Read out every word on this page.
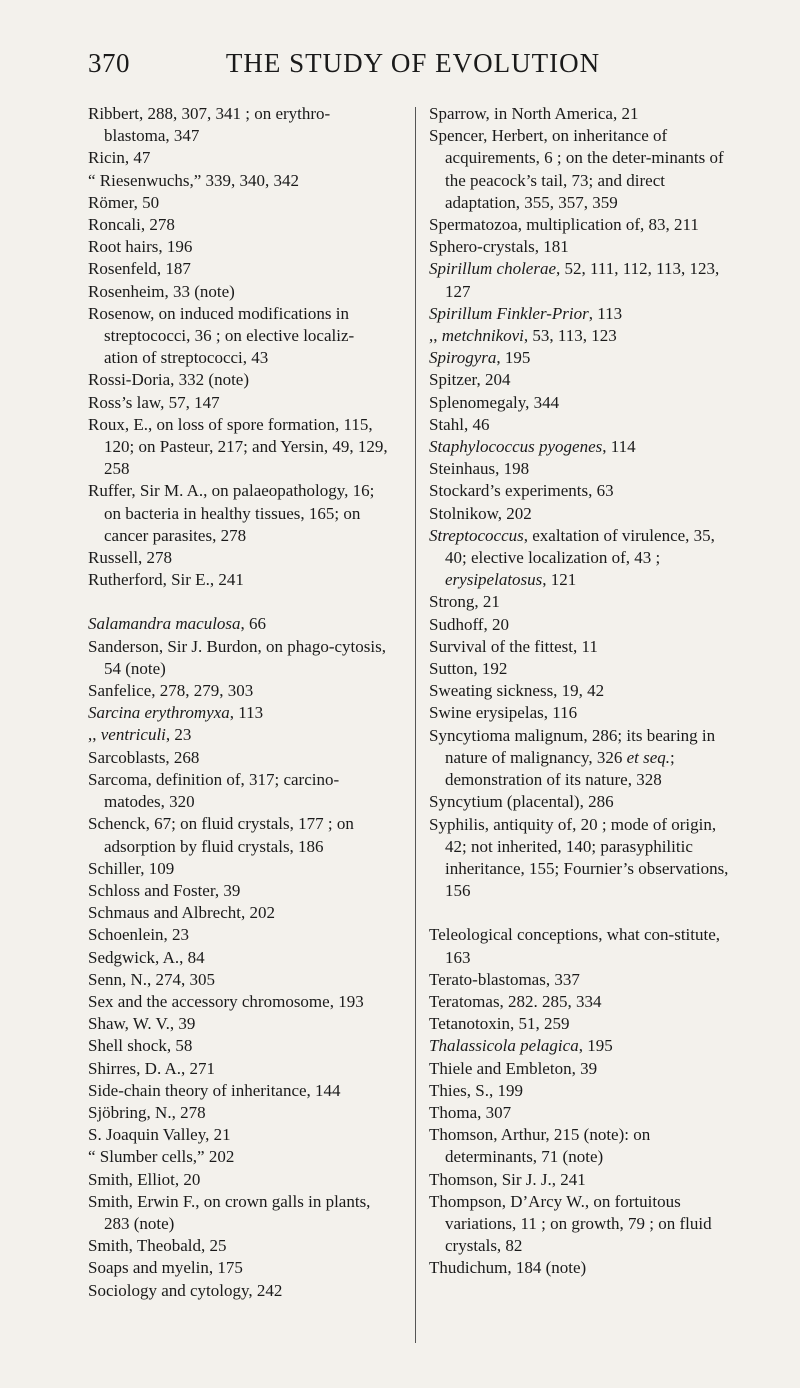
370	THE STUDY OF EVOLUTION

Ribbert, 288, 307, 341 ; on erythro-blastoma, 347

Ricin, 47

“ Riesenwuchs,” 339, 340, 342

Römer, 50

Roncali, 278

Root hairs, 196

Rosenfeld, 187

Rosenheim, 33 (note)

Rosenow, on induced modifications in streptococci, 36 ; on elective localiz-ation of streptococci, 43

Rossi-Doria, 332 (note)

Ross’s law, 57, 147

Roux, E., on loss of spore formation, 115, 120; on Pasteur, 217; and Yersin, 49, 129, 258

Ruffer, Sir M. A., on palaeopathology, 16; on bacteria in healthy tissues, 165; on cancer parasites, 278

Russell, 278

Rutherford, Sir E., 241

Salamandra maculosa, 66

Sanderson, Sir J. Burdon, on phago-cytosis, 54 (note)

Sanfelice, 278, 279, 303

Sarcina erythromyxa, 113

,, ventriculi, 23

Sarcoblasts, 268

Sarcoma, definition of, 317; carcino-matodes, 320

Schenck, 67; on fluid crystals, 177 ; on adsorption by fluid crystals, 186

Schiller, 109

Schloss and Foster, 39

Schmaus and Albrecht, 202

Schoenlein, 23

Sedgwick, A., 84

Senn, N., 274, 305

Sex and the accessory chromosome, 193

Shaw, W. V., 39

Shell shock, 58

Shirres, D. A., 271

Side-chain theory of inheritance, 144

Sjöbring, N., 278

S. Joaquin Valley, 21

“ Slumber cells,” 202

Smith, Elliot, 20

Smith, Erwin F., on crown galls in plants, 283 (note)

Smith, Theobald, 25

Soaps and myelin, 175

Sociology and cytology, 242

Sparrow, in North America, 21

Spencer, Herbert, on inheritance of acquirements, 6 ; on the deter-minants of the peacock’s tail, 73; and direct adaptation, 355, 357, 359

Spermatozoa, multiplication of, 83, 211

Sphero-crystals, 181

Spirillum cholerae, 52, 111, 112, 113, 123, 127

Spirillum Finkler-Prior, 113

,, metchnikovi, 53, 113, 123

Spirogyra, 195

Spitzer, 204

Splenomegaly, 344

Stahl, 46

Staphylococcus pyogenes, 114

Steinhaus, 198

Stockard’s experiments, 63

Stolnikow, 202

Streptococcus, exaltation of virulence, 35, 40; elective localization of, 43 ; erysipelatosus, 121

Strong, 21

Sudhoff, 20

Survival of the fittest, 11

Sutton, 192

Sweating sickness, 19, 42

Swine erysipelas, 116

Syncytioma malignum, 286; its bearing in nature of malignancy, 326 et seq.; demonstration of its nature, 328

Syncytium (placental), 286

Syphilis, antiquity of, 20 ; mode of origin, 42; not inherited, 140; parasyphilitic inheritance, 155; Fournier’s observations, 156

Teleological conceptions, what con-stitute, 163

Terato-blastomas, 337

Teratomas, 282. 285, 334

Tetanotoxin, 51, 259

Thalassicola pelagica, 195

Thiele and Embleton, 39

Thies, S., 199

Thoma, 307

Thomson, Arthur, 215 (note): on determinants, 71 (note)

Thomson, Sir J. J., 241

Thompson, D’Arcy W., on fortuitous variations, 11 ; on growth, 79 ; on fluid crystals, 82

Thudichum, 184 (note)
